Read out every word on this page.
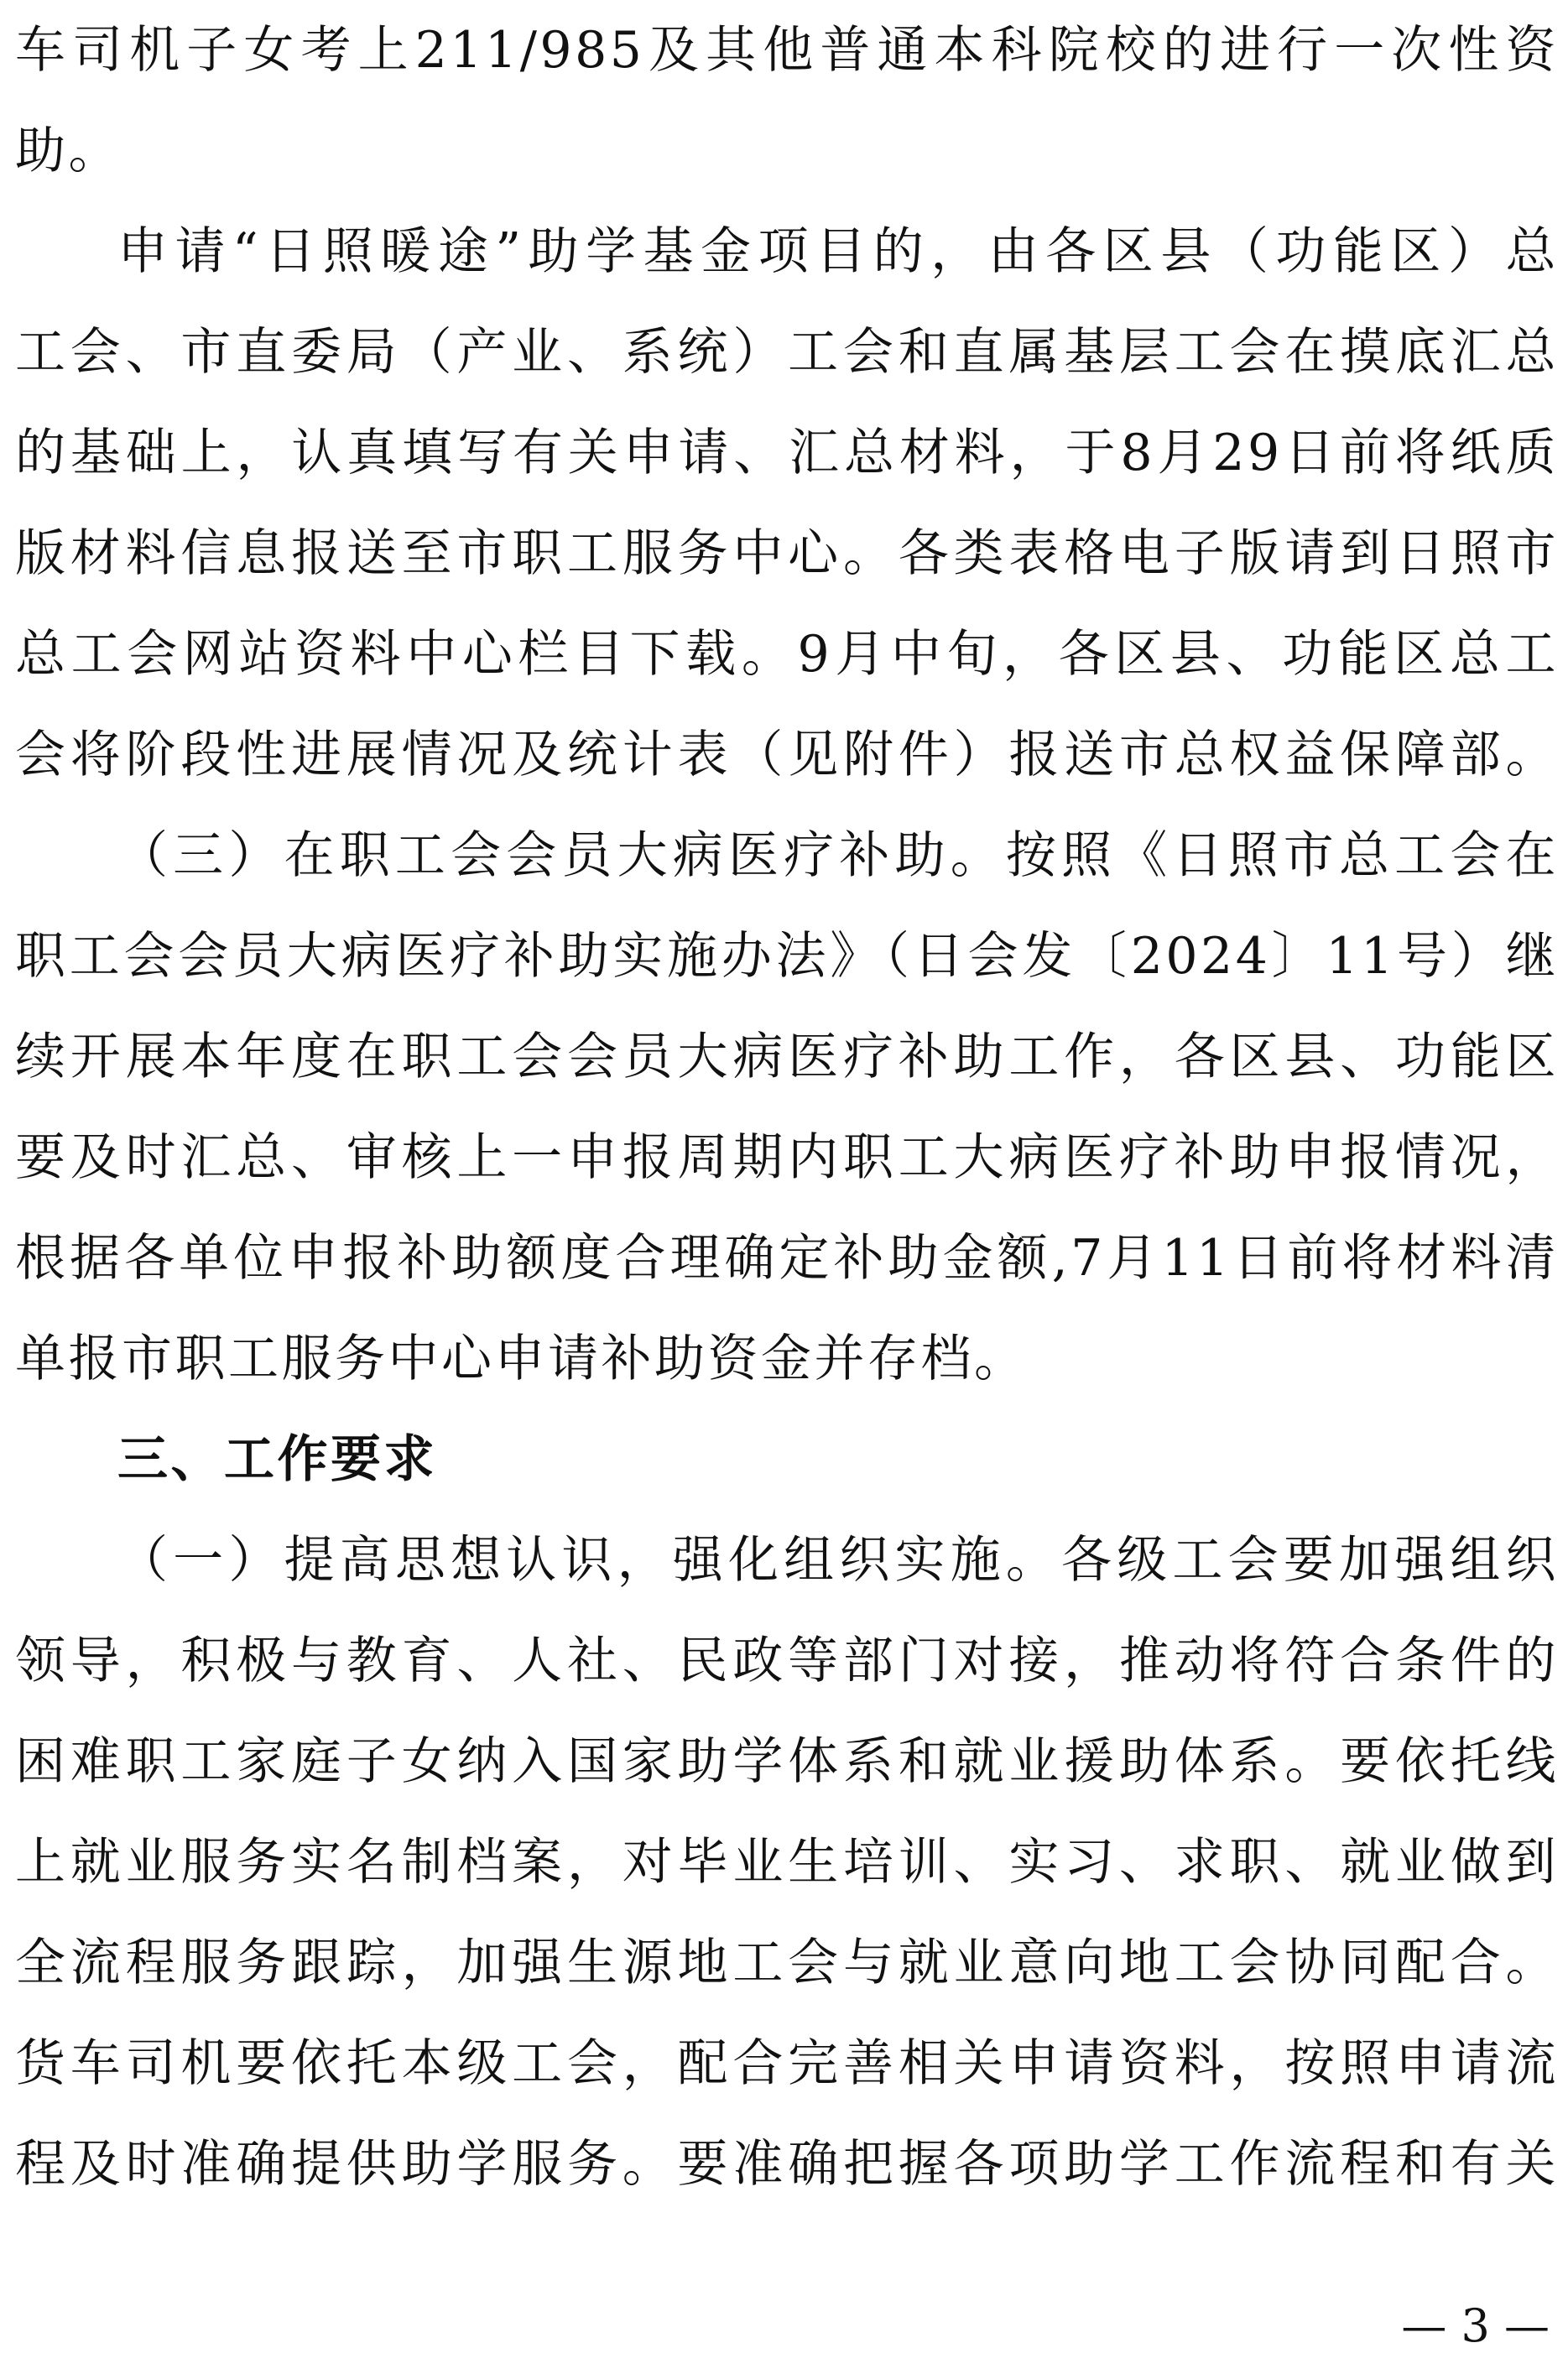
车司机子女考上211/985及其他普通本科院校的进行一次性资
助。
申请“日照暖途”助学基金项目的，由各区县（功能区）总
工会、市直委局（产业、系统）工会和直属基层工会在摸底汇总
的基础上，认真填写有关申请、汇总材料，于8月29日前将纸质
版材料信息报送至市职工服务中心。各类表格电子版请到日照市
总工会网站资料中心栏目下载。9月中旬，各区县、功能区总工
会将阶段性进展情况及统计表（见附件）报送市总权益保障部。
（三）在职工会会员大病医疗补助。按照《日照市总工会在
职工会会员大病医疗补助实施办法》（日会发〔2024〕11号）继
续开展本年度在职工会会员大病医疗补助工作，各区县、功能区
要及时汇总、审核上一申报周期内职工大病医疗补助申报情况，
根据各单位申报补助额度合理确定补助金额,7月11日前将材料清
单报市职工服务中心申请补助资金并存档。
三、工作要求
（一）提高思想认识，强化组织实施。各级工会要加强组织
领导，积极与教育、人社、民政等部门对接，推动将符合条件的
困难职工家庭子女纳入国家助学体系和就业援助体系。要依托线
上就业服务实名制档案，对毕业生培训、实习、求职、就业做到
全流程服务跟踪，加强生源地工会与就业意向地工会协同配合。
货车司机要依托本级工会，配合完善相关申请资料，按照申请流
程及时准确提供助学服务。要准确把握各项助学工作流程和有关
— 3 —
